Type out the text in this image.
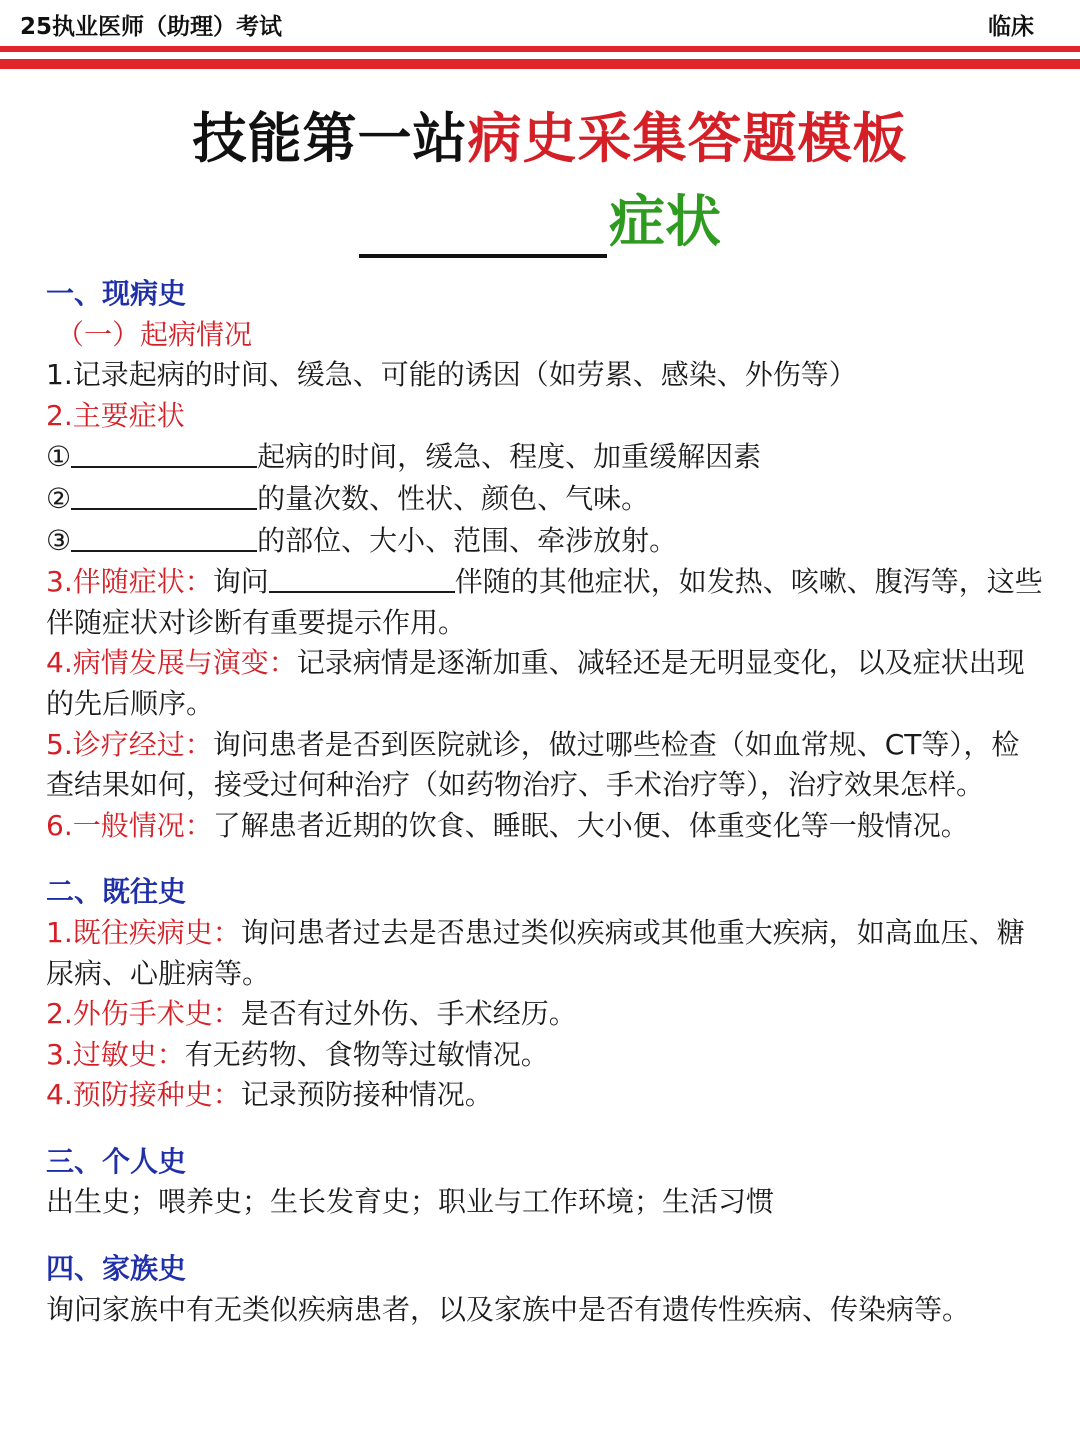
25执业医师（助理）考试	临床
技能第一站病史采集答题模板
症状
一、现病史
（一）起病情况
1.记录起病的时间、缓急、可能的诱因（如劳累、感染、外伤等）
2.主要症状
①	起病的时间，缓急、程度、加重缓解因素
②	的量次数、性状、颜色、气味。
③	的部位、大小、范围、牵涉放射。
3.伴随症状：询问	伴随的其他症状，如发热、咳嗽、腹泻等，这些伴随症状对诊断有重要提示作用。
4.病情发展与演变：记录病情是逐渐加重、减轻还是无明显变化，以及症状出现的先后顺序。
5.诊疗经过：询问患者是否到医院就诊，做过哪些检查（如血常规、CT等），检查结果如何，接受过何种治疗（如药物治疗、手术治疗等），治疗效果怎样。
6.一般情况：了解患者近期的饮食、睡眠、大小便、体重变化等一般情况。
二、既往史
1.既往疾病史：询问患者过去是否患过类似疾病或其他重大疾病，如高血压、糖尿病、心脏病等。
2.外伤手术史：是否有过外伤、手术经历。
3.过敏史：有无药物、食物等过敏情况。
4.预防接种史：记录预防接种情况。
三、个人史
出生史；喂养史；生长发育史；职业与工作环境；生活习惯
四、家族史
询问家族中有无类似疾病患者，以及家族中是否有遗传性疾病、传染病等。
